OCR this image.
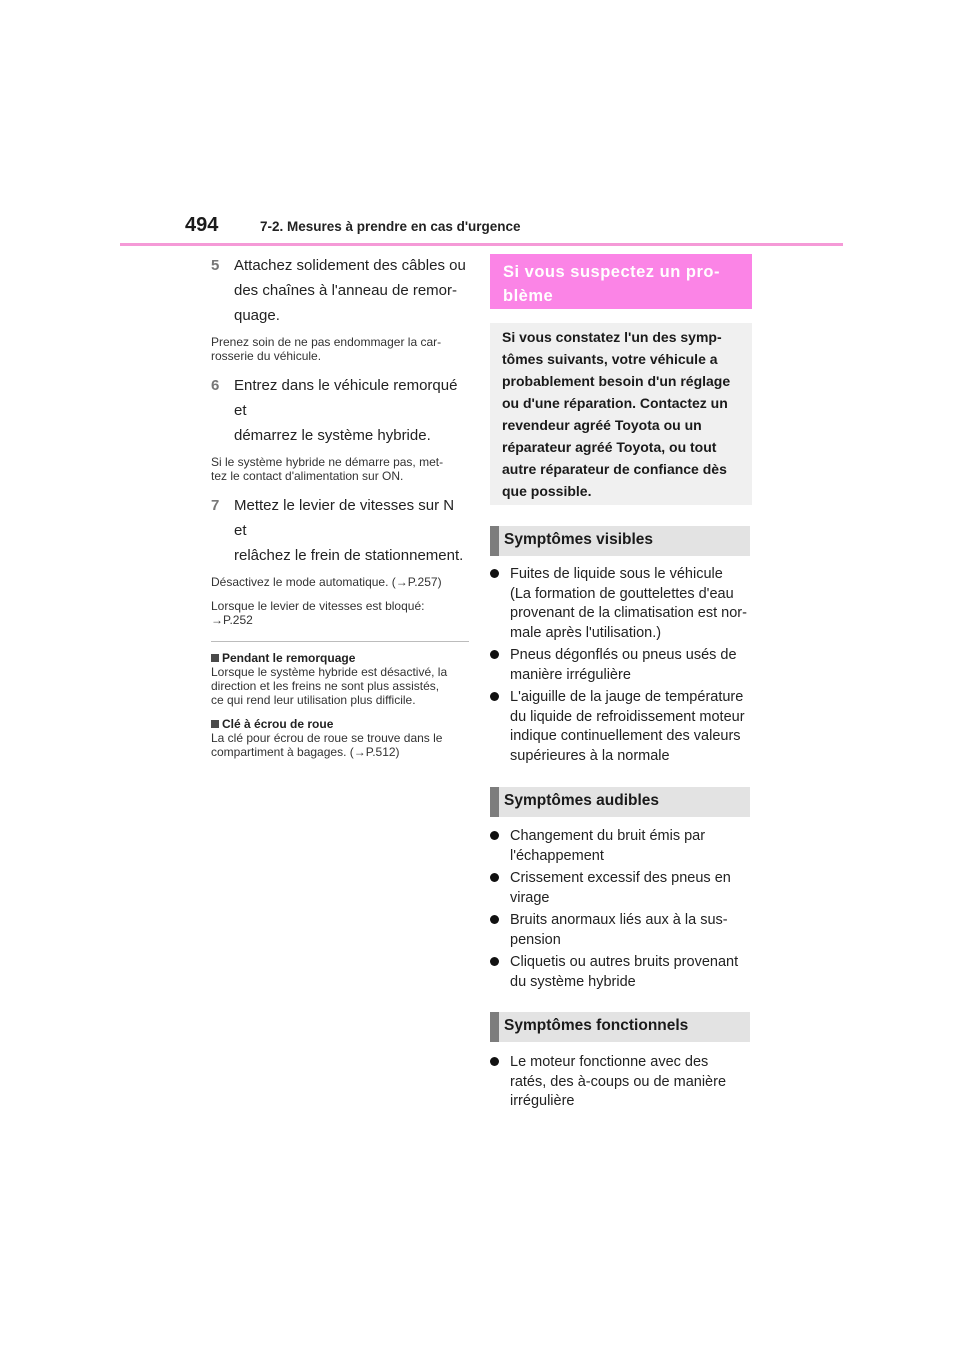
494	7-2. Mesures à prendre en cas d'urgence
5 Attachez solidement des câbles ou
des chaînes à l'anneau de remor-
quage.
Prenez soin de ne pas endommager la car-
rosserie du véhicule.
6 Entrez dans le véhicule remorqué et
démarrez le système hybride.
Si le système hybride ne démarre pas, met-
tez le contact d'alimentation sur ON.
7 Mettez le levier de vitesses sur N et
relâchez le frein de stationnement.
Désactivez le mode automatique. (→P.257)
Lorsque le levier de vitesses est bloqué:
→P.252
Pendant le remorquage
Lorsque le système hybride est désactivé, la
direction et les freins ne sont plus assistés,
ce qui rend leur utilisation plus difficile.
Clé à écrou de roue
La clé pour écrou de roue se trouve dans le
compartiment à bagages. (→P.512)
Si vous suspectez un pro-
blème

Si vous constatez l'un des symp-

tômes suivants, votre véhicule a

probablement besoin d'un réglage

ou d'une réparation. Contactez un

revendeur agréé Toyota ou un

réparateur agréé Toyota, ou tout

autre réparateur de confiance dès

que possible.

Symptômes visibles
Fuites de liquide sous le véhicule
(La formation de gouttelettes d'eau
provenant de la climatisation est nor-
male après l'utilisation.)
Pneus dégonflés ou pneus usés de
manière irrégulière
L'aiguille de la jauge de température
du liquide de refroidissement moteur
indique continuellement des valeurs
supérieures à la normale
Symptômes audibles
Changement du bruit émis par
l'échappement
Crissement excessif des pneus en
virage
Bruits anormaux liés aux à la sus-
pension
Cliquetis ou autres bruits provenant
du système hybride
Symptômes fonctionnels
Le moteur fonctionne avec des
ratés, des à-coups ou de manière
irrégulière
